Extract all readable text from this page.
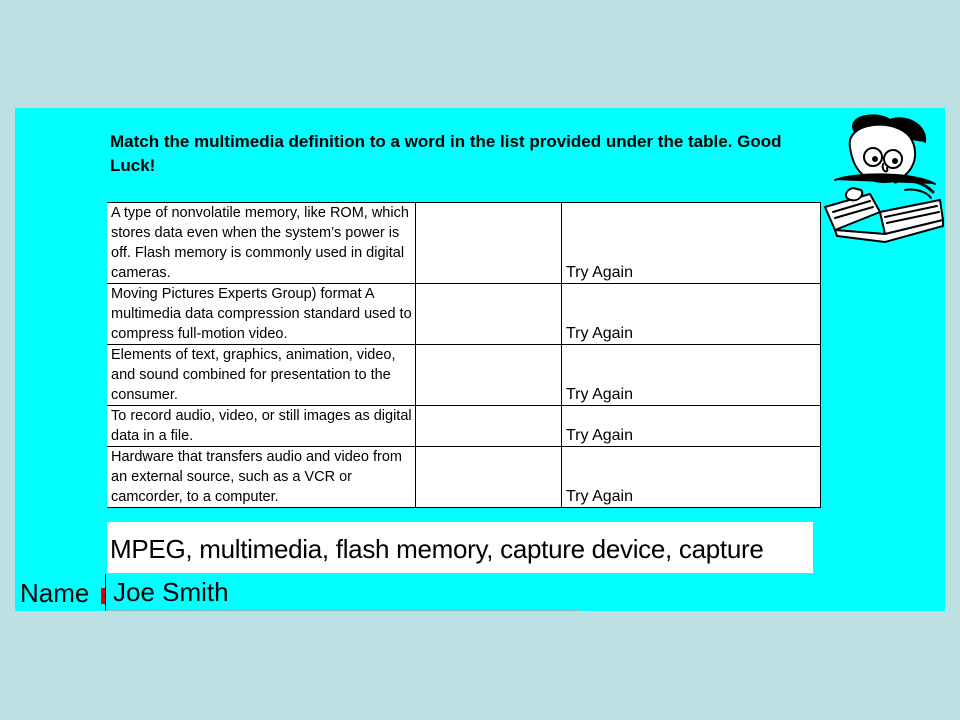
Match the multimedia definition to a word in the list provided under the table. Good Luck!
A type of nonvolatile memory, like ROM, which stores data even when the system’s power is off. Flash memory is commonly used in digital cameras.		Try Again
Moving Pictures Experts Group) format A multimedia data compression standard used to compress full-motion video.		Try Again
Elements of text, graphics, animation, video, and sound combined for presentation to the consumer.		Try Again
To record audio, video, or still images as digital data in a file.		Try Again
Hardware that transfers audio and video from an external source, such as a VCR or camcorder, to a computer.		Try Again
MPEG, multimedia, flash memory, capture device, capture
Name Joe Smith
